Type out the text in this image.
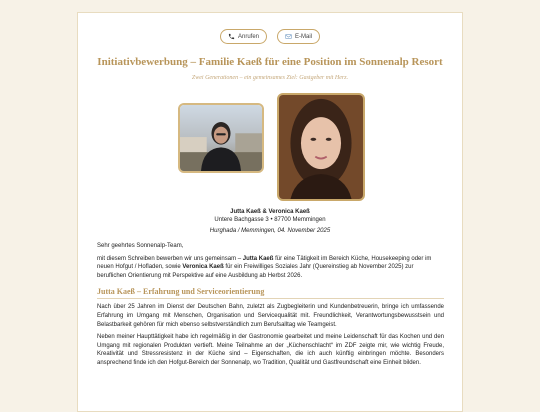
Anrufen	E-Mail
Initiativbewerbung – Familie Kaeß für eine Position im Sonnenalp Resort
Zwei Generationen – ein gemeinsames Ziel: Gastgeber mit Herz.
Jutta Kaeß & Veronica Kaeß
Untere Bachgasse 3 • 87700 Memmingen
Hurghada / Memmingen, 04. November 2025
Sehr geehrtes Sonnenalp-Team,
mit diesem Schreiben bewerben wir uns gemeinsam – Jutta Kaeß für eine Tätigkeit im Bereich Küche, Housekeeping oder im neuen Hofgut / Hofladen, sowie Veronica Kaeß für ein Freiwilliges Soziales Jahr (Quereinstieg ab November 2025) zur beruflichen Orientierung mit Perspektive auf eine Ausbildung ab Herbst 2026.
Jutta Kaeß – Erfahrung und Serviceorientierung
Nach über 25 Jahren im Dienst der Deutschen Bahn, zuletzt als Zugbegleiterin und Kundenbetreuerin, bringe ich umfassende Erfahrung im Umgang mit Menschen, Organisation und Servicequalität mit. Freundlichkeit, Verantwortungsbewusstsein und Belastbarkeit gehören für mich ebenso selbstverständlich zum Berufsalltag wie Teamgeist.
Neben meiner Haupttätigkeit habe ich regelmäßig in der Gastronomie gearbeitet und meine Leidenschaft für das Kochen und den Umgang mit regionalen Produkten vertieft. Meine Teilnahme an der „Küchenschlacht“ im ZDF zeigte mir, wie wichtig Freude, Kreativität und Stressresistenz in der Küche sind – Eigenschaften, die ich auch künftig einbringen möchte. Besonders ansprechend finde ich den Hofgut-Bereich der Sonnenalp, wo Tradition, Qualität und Gastfreundschaft eine Einheit bilden.
